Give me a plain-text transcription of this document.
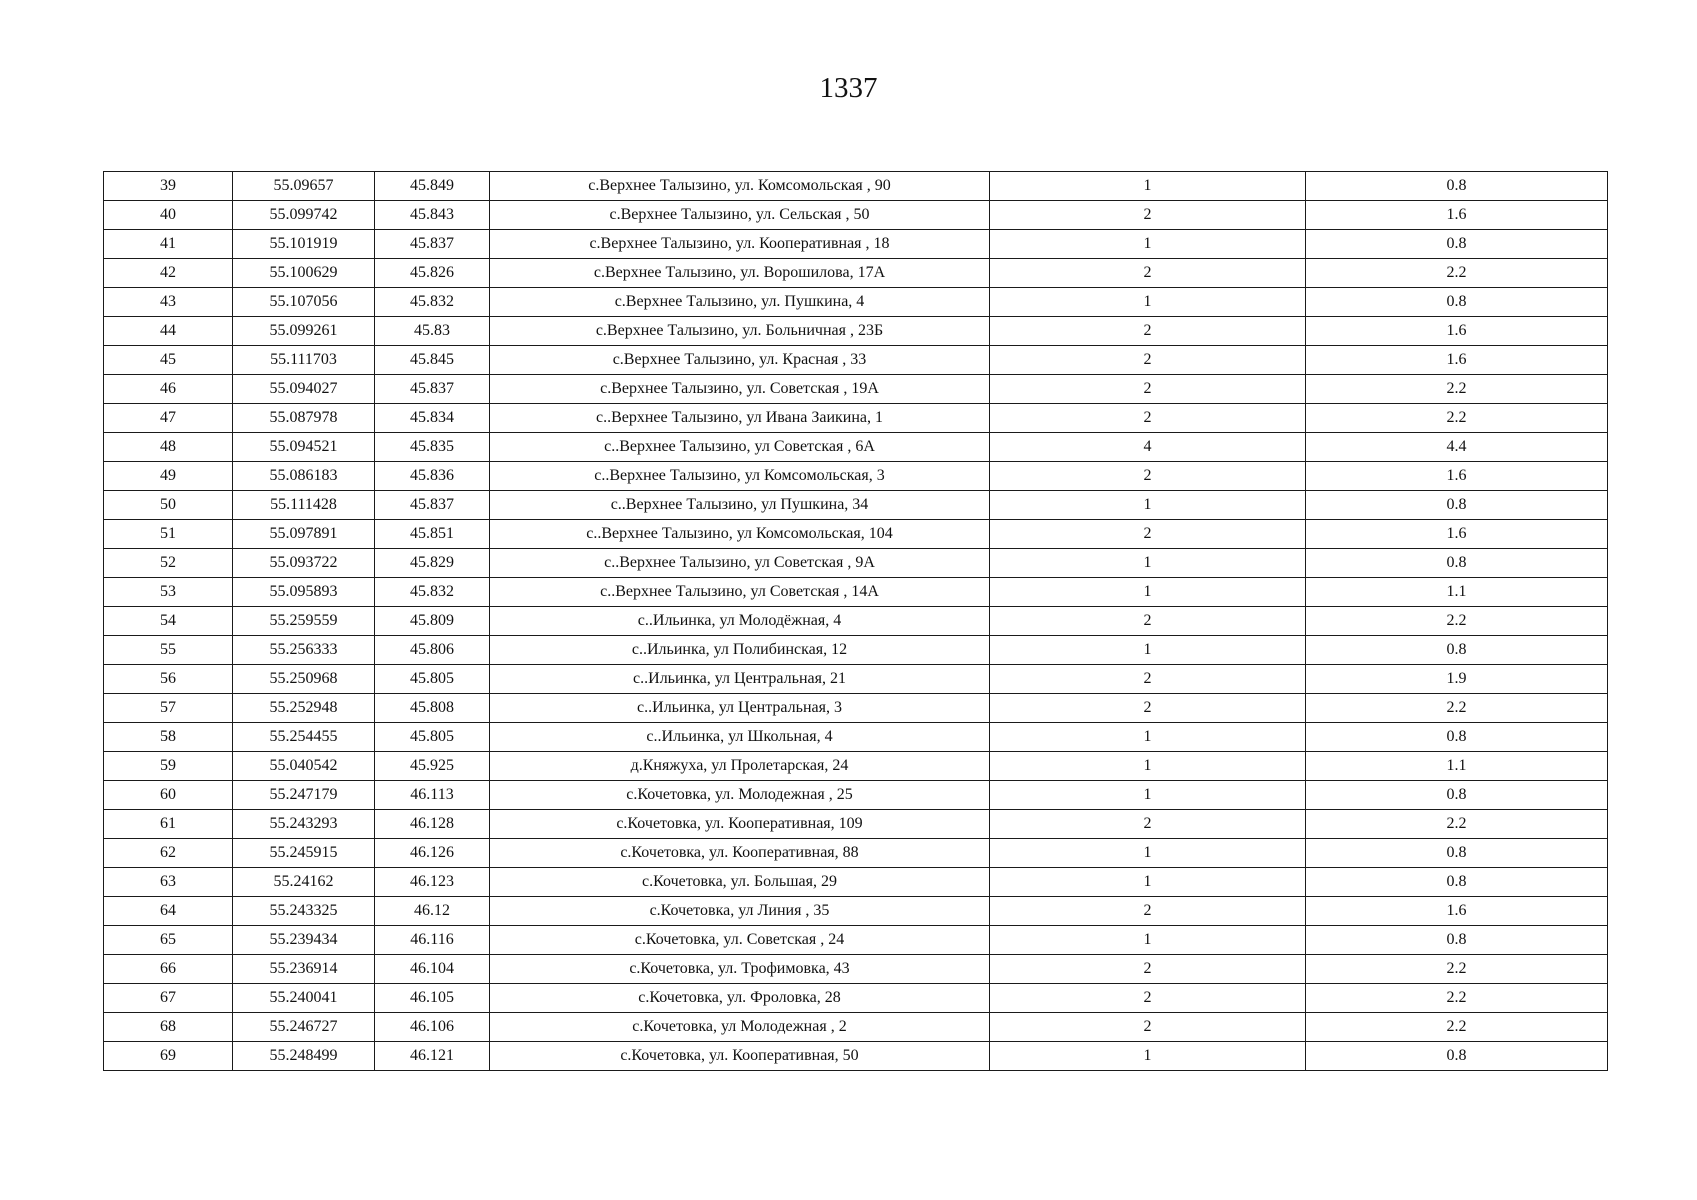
1337
39	55.09657	45.849	с.Верхнее Талызино, ул. Комсомольская , 90	1	0.8
40	55.099742	45.843	с.Верхнее Талызино, ул. Сельская , 50	2	1.6
41	55.101919	45.837	с.Верхнее Талызино, ул. Кооперативная , 18	1	0.8
42	55.100629	45.826	с.Верхнее Талызино, ул. Ворошилова, 17А	2	2.2
43	55.107056	45.832	с.Верхнее Талызино, ул. Пушкина, 4	1	0.8
44	55.099261	45.83	с.Верхнее Талызино, ул. Больничная , 23Б	2	1.6
45	55.111703	45.845	с.Верхнее Талызино, ул. Красная , 33	2	1.6
46	55.094027	45.837	с.Верхнее Талызино, ул. Советская , 19А	2	2.2
47	55.087978	45.834	с..Верхнее Талызино, ул Ивана Заикина, 1	2	2.2
48	55.094521	45.835	с..Верхнее Талызино, ул Советская , 6А	4	4.4
49	55.086183	45.836	с..Верхнее Талызино, ул Комсомольская, 3	2	1.6
50	55.111428	45.837	с..Верхнее Талызино, ул Пушкина, 34	1	0.8
51	55.097891	45.851	с..Верхнее Талызино, ул Комсомольская, 104	2	1.6
52	55.093722	45.829	с..Верхнее Талызино, ул Советская , 9А	1	0.8
53	55.095893	45.832	с..Верхнее Талызино, ул Советская , 14А	1	1.1
54	55.259559	45.809	с..Ильинка, ул Молодёжная, 4	2	2.2
55	55.256333	45.806	с..Ильинка, ул Полибинская, 12	1	0.8
56	55.250968	45.805	с..Ильинка, ул Центральная, 21	2	1.9
57	55.252948	45.808	с..Ильинка, ул Центральная, 3	2	2.2
58	55.254455	45.805	с..Ильинка, ул Школьная, 4	1	0.8
59	55.040542	45.925	д.Княжуха, ул Пролетарская, 24	1	1.1
60	55.247179	46.113	с.Кочетовка, ул. Молодежная , 25	1	0.8
61	55.243293	46.128	с.Кочетовка, ул. Кооперативная, 109	2	2.2
62	55.245915	46.126	с.Кочетовка, ул. Кооперативная, 88	1	0.8
63	55.24162	46.123	с.Кочетовка, ул. Большая, 29	1	0.8
64	55.243325	46.12	с.Кочетовка, ул Линия , 35	2	1.6
65	55.239434	46.116	с.Кочетовка, ул. Советская , 24	1	0.8
66	55.236914	46.104	с.Кочетовка, ул. Трофимовка, 43	2	2.2
67	55.240041	46.105	с.Кочетовка, ул. Фроловка, 28	2	2.2
68	55.246727	46.106	с.Кочетовка, ул Молодежная , 2	2	2.2
69	55.248499	46.121	с.Кочетовка, ул. Кооперативная, 50	1	0.8
